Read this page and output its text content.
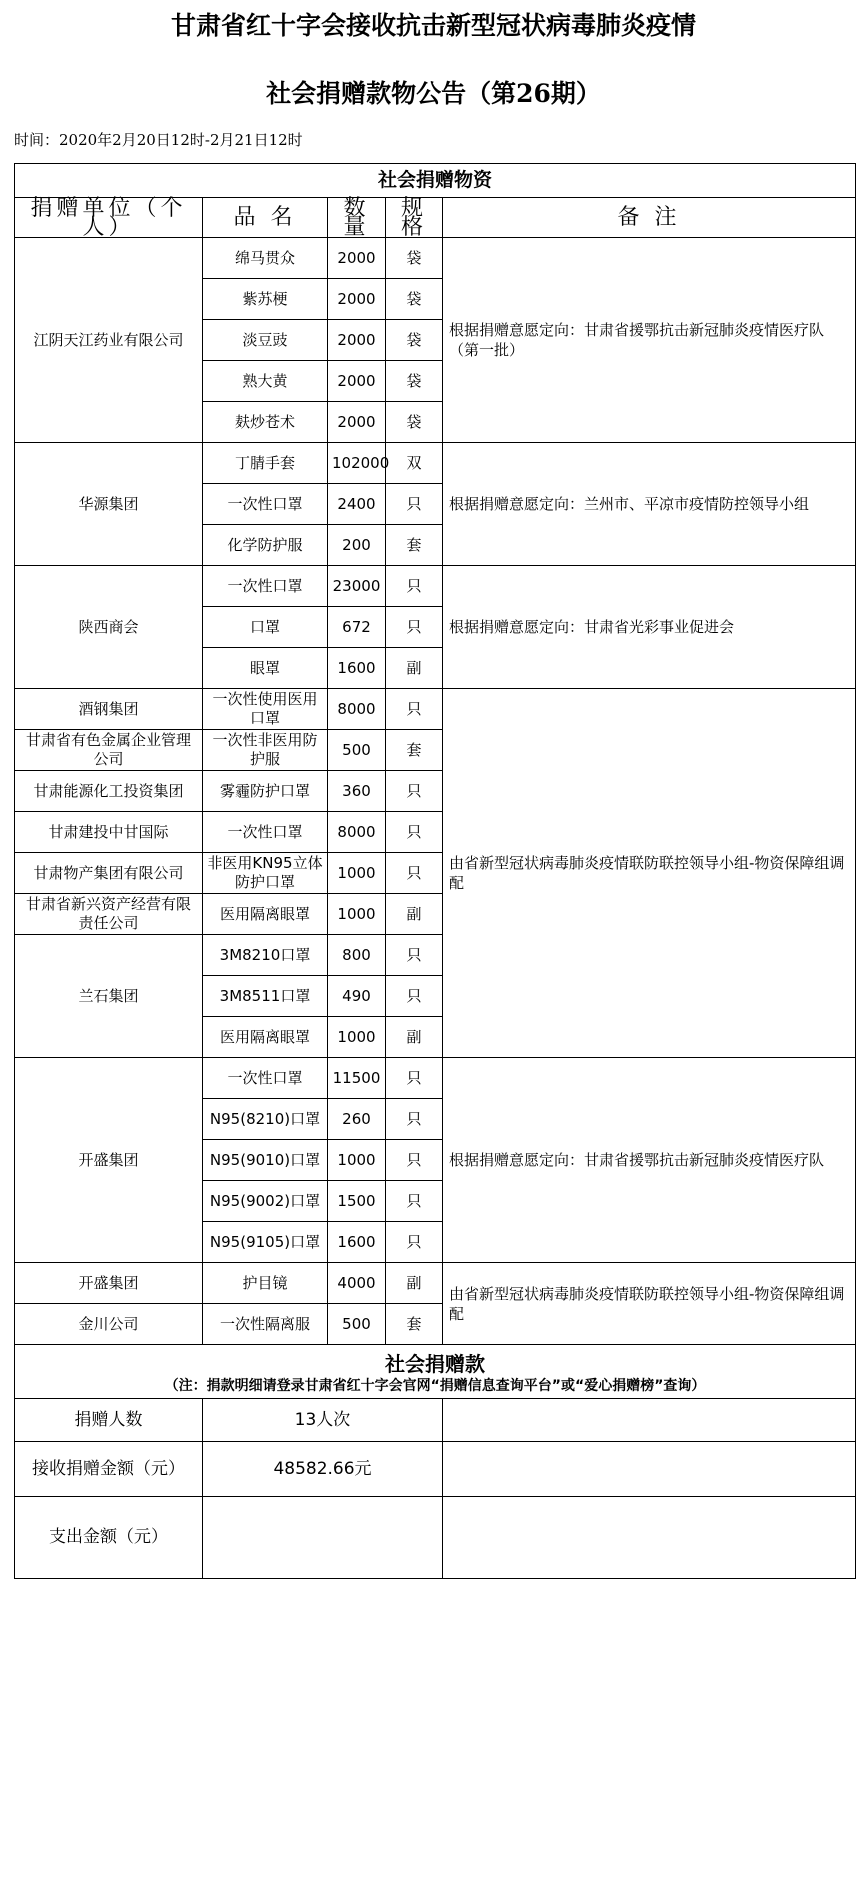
甘肃省红十字会接收抗击新型冠状病毒肺炎疫情
社会捐赠款物公告（第26期）
时间：2020年2月20日12时-2月21日12时
社会捐赠物资				
捐赠单位（个人）	品 名	数 量	规 格	备 注
江阴天江药业有限公司	绵马贯众	2000	袋	根据捐赠意愿定向：甘肃省援鄂抗击新冠肺炎疫情医疗队（第一批）
	紫苏梗	2000	袋	
	淡豆豉	2000	袋	
	熟大黄	2000	袋	
	麸炒苍术	2000	袋	
华源集团	丁腈手套	102000	双	根据捐赠意愿定向：兰州市、平凉市疫情防控领导小组
	一次性口罩	2400	只	
	化学防护服	200	套	
陕西商会	一次性口罩	23000	只	根据捐赠意愿定向：甘肃省光彩事业促进会
	口罩	672	只	
	眼罩	1600	副	
酒钢集团	一次性使用医用口罩	8000	只	由省新型冠状病毒肺炎疫情联防联控领导小组-物资保障组调配
甘肃省有色金属企业管理公司	一次性非医用防护服	500	套	
甘肃能源化工投资集团	雾霾防护口罩	360	只	
甘肃建投中甘国际	一次性口罩	8000	只	
甘肃物产集团有限公司	非医用KN95立体防护口罩	1000	只	
甘肃省新兴资产经营有限责任公司	医用隔离眼罩	1000	副	
兰石集团	3M8210口罩	800	只	
	3M8511口罩	490	只	
	医用隔离眼罩	1000	副	
开盛集团	一次性口罩	11500	只	根据捐赠意愿定向：甘肃省援鄂抗击新冠肺炎疫情医疗队
	N95(8210)口罩	260	只	
	N95(9010)口罩	1000	只	
	N95(9002)口罩	1500	只	
	N95(9105)口罩	1600	只	
开盛集团	护目镜	4000	副	由省新型冠状病毒肺炎疫情联防联控领导小组-物资保障组调配
金川公司	一次性隔离服	500	套	
社会捐赠款
（注：捐款明细请登录甘肃省红十字会官网“捐赠信息查询平台”或“爱心捐赠榜”查询）				

捐赠人数	13人次			
接收捐赠金额（元）	48582.66元			
支出金额（元）				
